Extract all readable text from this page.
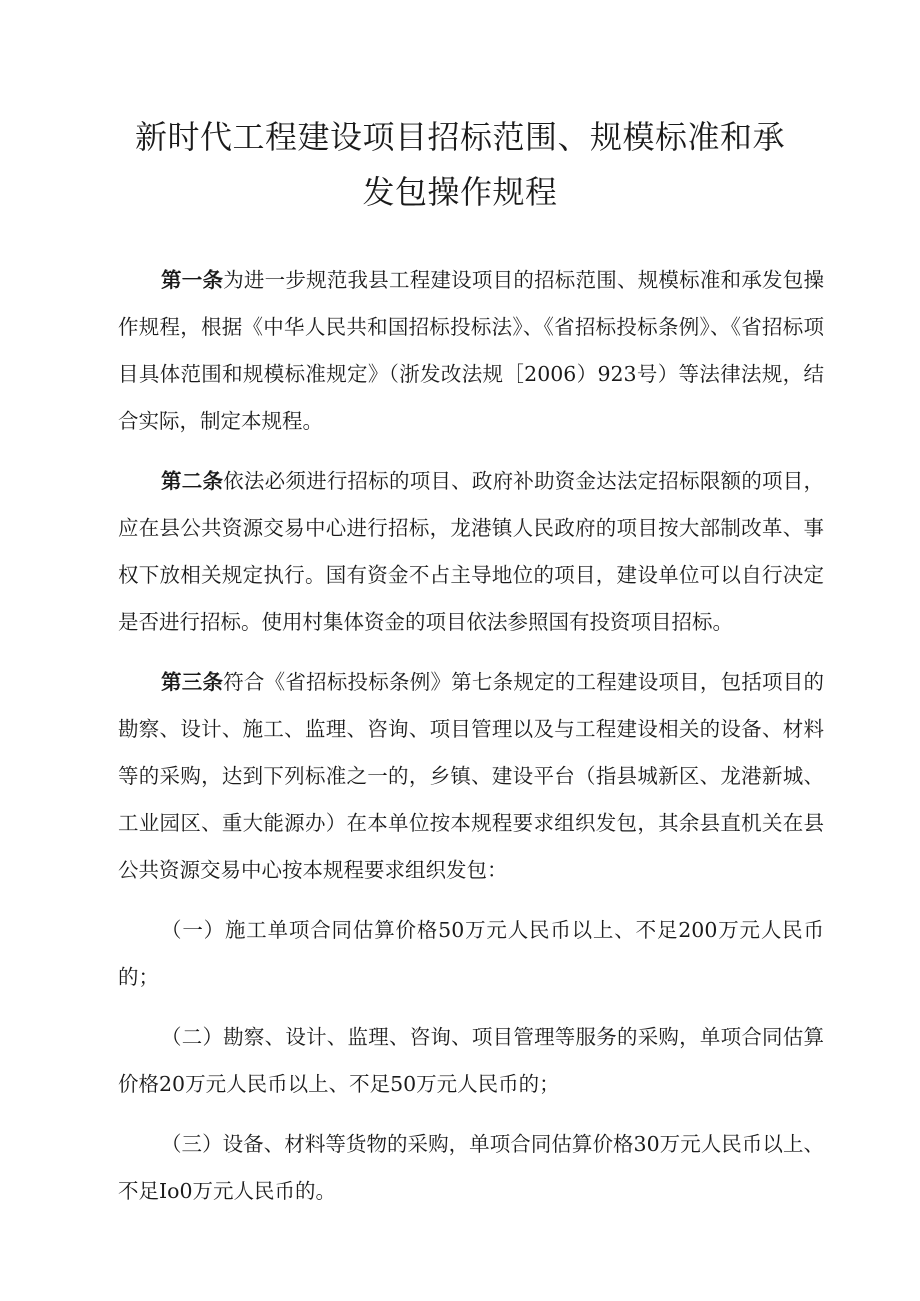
新时代工程建设项目招标范围、规模标准和承
发包操作规程

第一条为进一步规范我县工程建设项目的招标范围、规模标准和承发包操作规程，根据《中华人民共和国招标投标法》、《省招标投标条例》、《省招标项目具体范围和规模标准规定》（浙发改法规［2006）923号）等法律法规，结合实际，制定本规程。

第二条依法必须进行招标的项目、政府补助资金达法定招标限额的项目，应在县公共资源交易中心进行招标，龙港镇人民政府的项目按大部制改革、事权下放相关规定执行。国有资金不占主导地位的项目，建设单位可以自行决定是否进行招标。使用村集体资金的项目依法参照国有投资项目招标。

第三条符合《省招标投标条例》第七条规定的工程建设项目，包括项目的勘察、设计、施工、监理、咨询、项目管理以及与工程建设相关的设备、材料等的采购，达到下列标准之一的，乡镇、建设平台（指县城新区、龙港新城、工业园区、重大能源办）在本单位按本规程要求组织发包，其余县直机关在县公共资源交易中心按本规程要求组织发包：

（一）施工单项合同估算价格50万元人民币以上、不足200万元人民币的；

（二）勘察、设计、监理、咨询、项目管理等服务的采购，单项合同估算价格20万元人民币以上、不足50万元人民币的；

（三）设备、材料等货物的采购，单项合同估算价格30万元人民币以上、不足Io0万元人民币的。
